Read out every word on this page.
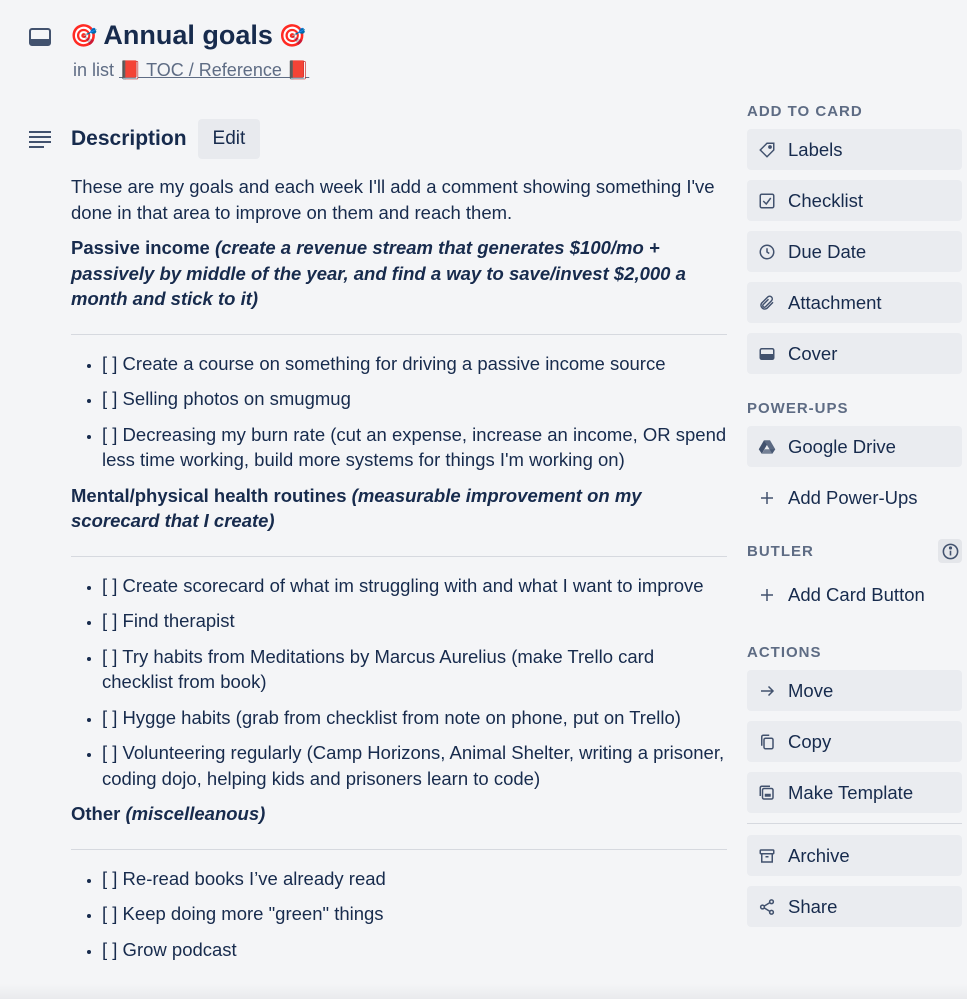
🎯 Annual goals 🎯
in list 📕 TOC / Reference 📕
Description	Edit

These are my goals and each week I'll add a comment showing something I've done in that area to improve on them and reach them.

Passive income (create a revenue stream that generates $100/mo + passively by middle of the year, and find a way to save/invest $2,000 a month and stick to it)

• [ ] Create a course on something for driving a passive income source
• [ ] Selling photos on smugmug
• [ ] Decreasing my burn rate (cut an expense, increase an income, OR spend less time working, build more systems for things I'm working on)

Mental/physical health routines (measurable improvement on my scorecard that I create)

• [ ] Create scorecard of what im struggling with and what I want to improve
• [ ] Find therapist
• [ ] Try habits from Meditations by Marcus Aurelius (make Trello card checklist from book)
• [ ] Hygge habits (grab from checklist from note on phone, put on Trello)
• [ ] Volunteering regularly (Camp Horizons, Animal Shelter, writing a prisoner, coding dojo, helping kids and prisoners learn to code)

Other (miscelleanous)

• [ ] Re-read books I’ve already read
• [ ] Keep doing more "green" things
• [ ] Grow podcast
ADD TO CARD
Labels
Checklist
Due Date
Attachment
Cover
POWER-UPS
Google Drive
Add Power-Ups
BUTLER
Add Card Button
ACTIONS
Move
Copy
Make Template
Archive
Share
